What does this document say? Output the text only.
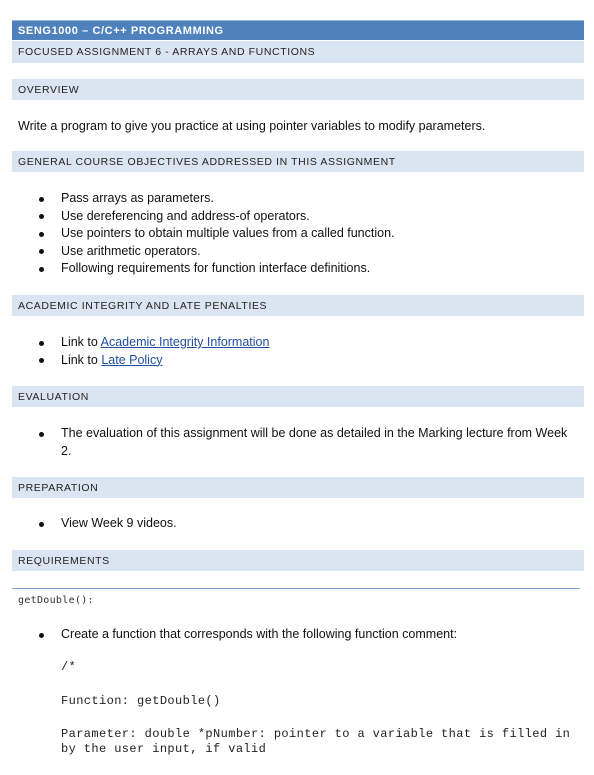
SENG1000 – C/C++ PROGRAMMING
FOCUSED ASSIGNMENT 6 - ARRAYS AND FUNCTIONS
OVERVIEW
Write a program to give you practice at using pointer variables to modify parameters.
GENERAL COURSE OBJECTIVES ADDRESSED IN THIS ASSIGNMENT
Pass arrays as parameters.
Use dereferencing and address-of operators.
Use pointers to obtain multiple values from a called function.
Use arithmetic operators.
Following requirements for function interface definitions.
ACADEMIC INTEGRITY AND LATE PENALTIES
Link to Academic Integrity Information
Link to Late Policy
EVALUATION
The evaluation of this assignment will be done as detailed in the Marking lecture from Week 2.
PREPARATION
View Week 9 videos.
REQUIREMENTS
getDouble():
Create a function that corresponds with the following function comment:
/*
Function: getDouble()
Parameter: double *pNumber: pointer to a variable that is filled in by the user input, if valid
